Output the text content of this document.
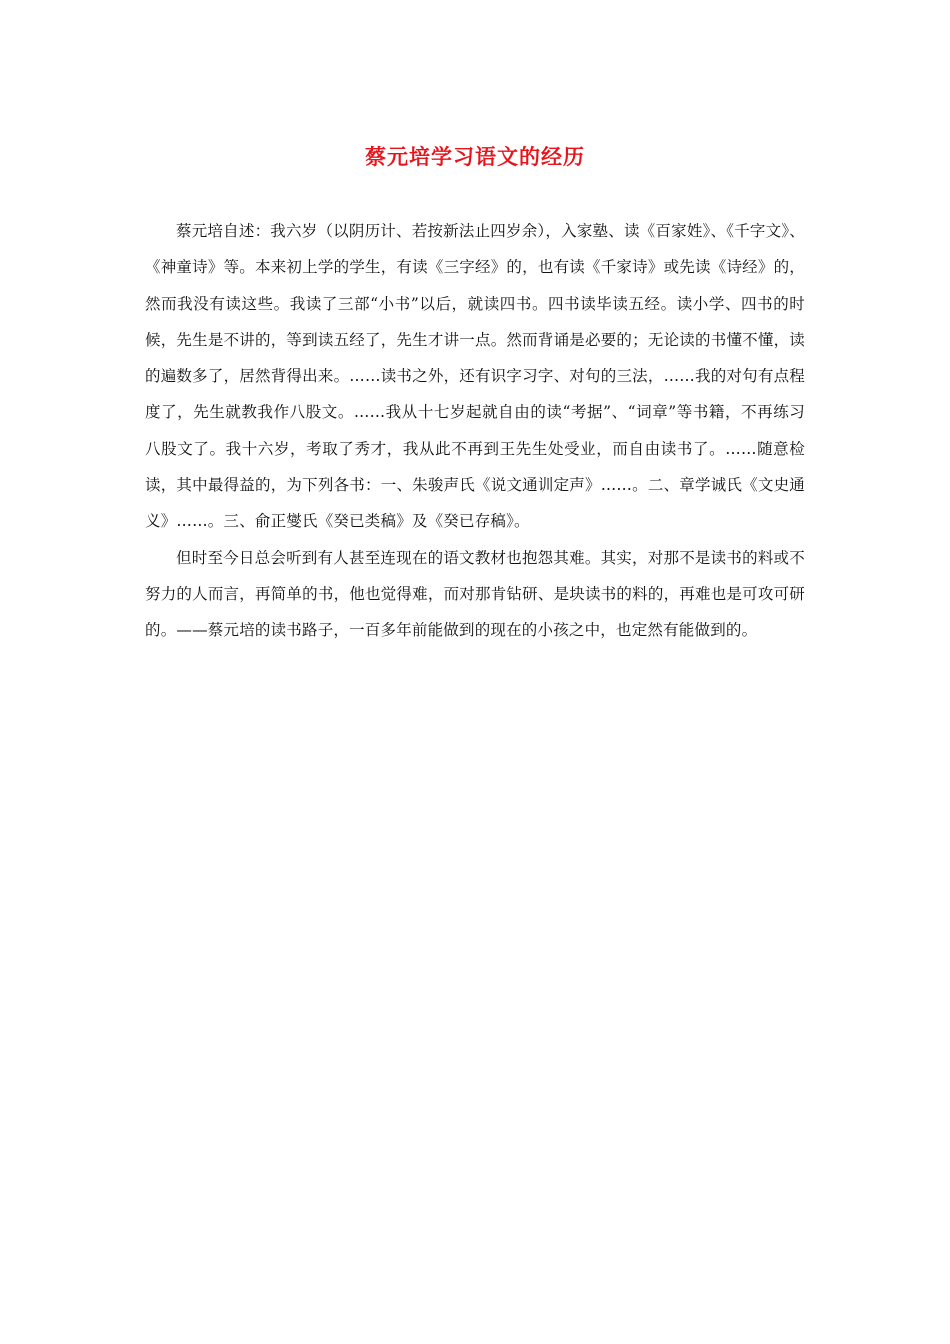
蔡元培学习语文的经历

蔡元培自述：我六岁（以阴历计、若按新法止四岁余），入家塾、读《百家姓》、《千字文》、《神童诗》等。本来初上学的学生，有读《三字经》的，也有读《千家诗》或先读《诗经》的，然而我没有读这些。我读了三部“小书”以后，就读四书。四书读毕读五经。读小学、四书的时候，先生是不讲的，等到读五经了，先生才讲一点。然而背诵是必要的；无论读的书懂不懂，读的遍数多了，居然背得出来。……读书之外，还有识字习字、对句的三法，……我的对句有点程度了，先生就教我作八股文。……我从十七岁起就自由的读“考据”、“词章”等书籍，不再练习八股文了。我十六岁，考取了秀才，我从此不再到王先生处受业，而自由读书了。……随意检读，其中最得益的，为下列各书：一、朱骏声氏《说文通训定声》……。二、章学诚氏《文史通义》……。三、俞正燮氏《癸已类稿》及《癸已存稿》。

但时至今日总会听到有人甚至连现在的语文教材也抱怨其难。其实，对那不是读书的料或不努力的人而言，再简单的书，他也觉得难，而对那肯钻研、是块读书的料的，再难也是可攻可研的。——蔡元培的读书路子，一百多年前能做到的现在的小孩之中，也定然有能做到的。
